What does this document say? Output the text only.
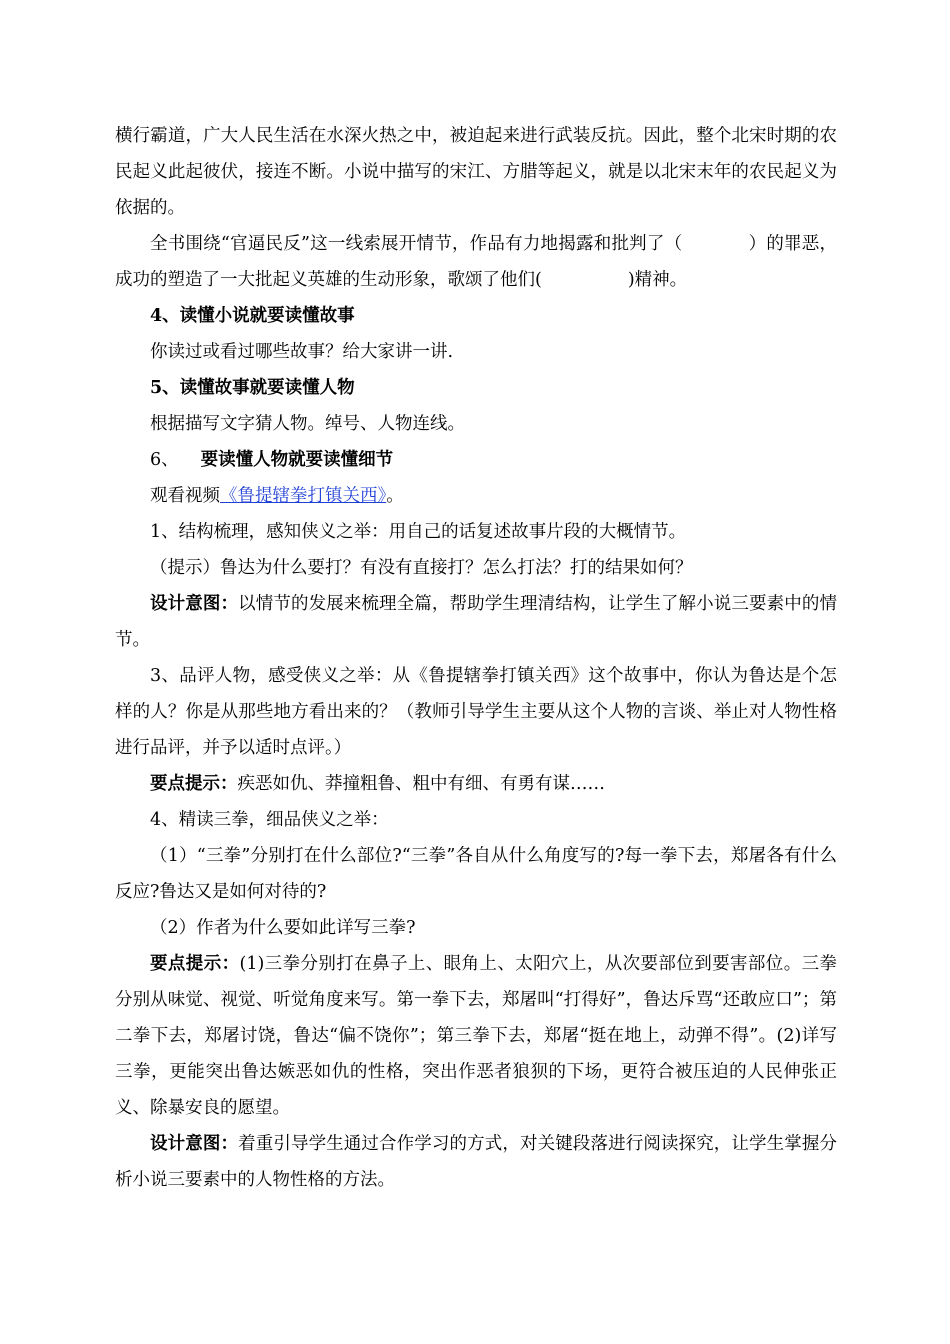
横行霸道，广大人民生活在水深火热之中，被迫起来进行武装反抗。因此，整个北宋时期的农民起义此起彼伏，接连不断。小说中描写的宋江、方腊等起义，就是以北宋末年的农民起义为依据的。

全书围绕“官逼民反”这一线索展开情节，作品有力地揭露和批判了（	）的罪恶，成功的塑造了一大批起义英雄的生动形象，歌颂了他们(	)精神。

4、读懂小说就要读懂故事

你读过或看过哪些故事？给大家讲一讲.

5、读懂故事就要读懂人物

根据描写文字猜人物。绰号、人物连线。

6、 要读懂人物就要读懂细节

观看视频《鲁提辖拳打镇关西》。

1、结构梳理，感知侠义之举：用自己的话复述故事片段的大概情节。

（提示）鲁达为什么要打？有没有直接打？怎么打法？打的结果如何？

设计意图：以情节的发展来梳理全篇，帮助学生理清结构，让学生了解小说三要素中的情节。

3、品评人物，感受侠义之举：从《鲁提辖拳打镇关西》这个故事中，你认为鲁达是个怎样的人？你是从那些地方看出来的？（教师引导学生主要从这个人物的言谈、举止对人物性格进行品评，并予以适时点评。）

要点提示：疾恶如仇、莽撞粗鲁、粗中有细、有勇有谋……

4、精读三拳，细品侠义之举：

（1）“三拳”分别打在什么部位?“三拳”各自从什么角度写的?每一拳下去，郑屠各有什么反应?鲁达又是如何对待的?

（2）作者为什么要如此详写三拳?

要点提示：(1)三拳分别打在鼻子上、眼角上、太阳穴上，从次要部位到要害部位。三拳分别从味觉、视觉、听觉角度来写。第一拳下去，郑屠叫“打得好”，鲁达斥骂“还敢应口”；第二拳下去，郑屠讨饶，鲁达“偏不饶你”；第三拳下去，郑屠“挺在地上，动弹不得”。(2)详写三拳，更能突出鲁达嫉恶如仇的性格，突出作恶者狼狈的下场，更符合被压迫的人民伸张正义、除暴安良的愿望。

设计意图：着重引导学生通过合作学习的方式，对关键段落进行阅读探究，让学生掌握分析小说三要素中的人物性格的方法。
